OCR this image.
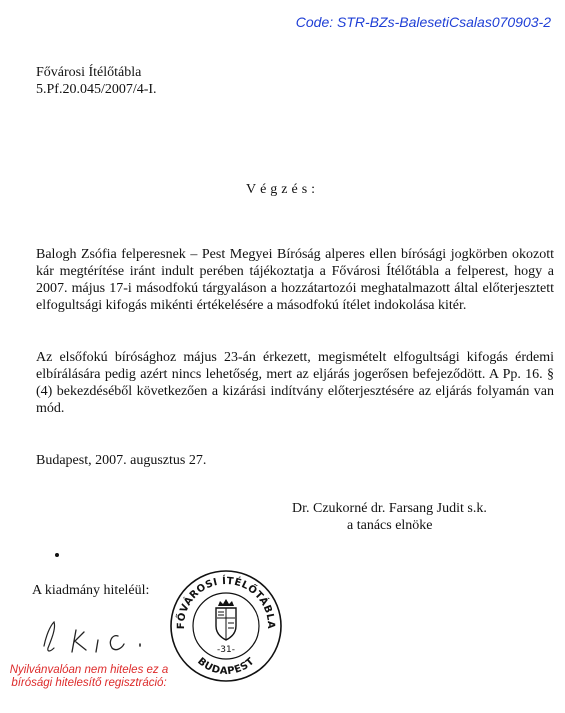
Code: STR-BZs-BalesetiCsalas070903-2
Fővárosi Ítélőtábla
5.Pf.20.045/2007/4-I.
Végzés:

Balogh Zsófia felperesnek – Pest Megyei Bíróság alperes ellen bírósági jogkörben okozott kár megtérítése iránt indult perében tájékoztatja a Fővárosi Ítélőtábla a felperest, hogy a 2007. május 17-i másodfokú tárgyaláson a hozzátartozói meghatalmazott által előterjesztett elfogultsági kifogás mikénti értékelésére a másodfokú ítélet indokolása kitér.

Az elsőfokú bírósághoz május 23-án érkezett, megismételt elfogultsági kifogás érdemi elbírálására pedig azért nincs lehetőség, mert az eljárás jogerősen befejeződött. A Pp. 16. § (4) bekezdéséből következően a kizárási indítvány előterjesztésére az eljárás folyamán van mód.

Budapest, 2007. augusztus 27.
Dr. Czukorné dr. Farsang Judit s.k.
a tanács elnöke
A kiadmány hiteléül:
FŐVÁROSI ÍTÉLŐTÁBLA
BUDAPEST
-31-
Nyilvánvalóan nem hiteles ez a
bírósági hitelesítő regisztráció:
